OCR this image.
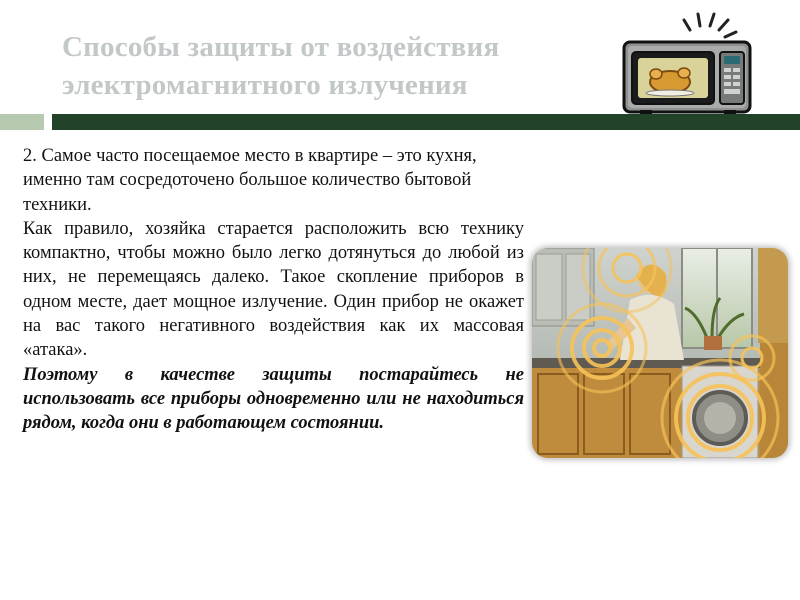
Способы защиты от воздействия электромагнитного излучения

2. Самое часто посещаемое место в квартире – это кухня, именно там сосредоточено большое количество бытовой техники.

Как правило, хозяйка старается расположить всю технику компактно, чтобы можно было легко дотянуться до любой из них, не перемещаясь далеко. Такое скопление приборов в одном месте, дает мощное излучение. Один прибор не окажет на вас такого негативного воздействия как их массовая «атака».

Поэтому в качестве защиты постарайтесь не использовать все приборы одновременно или не находиться рядом, когда они в работающем состоянии.
